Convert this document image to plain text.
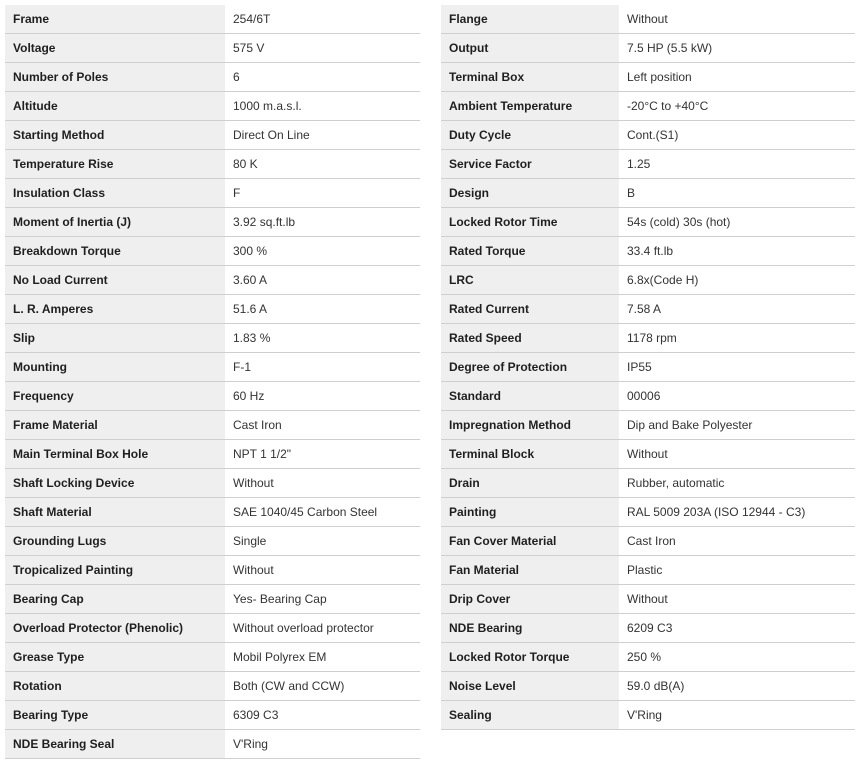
Frame	254/6T
Voltage	575 V
Number of Poles	6
Altitude	1000 m.a.s.l.
Starting Method	Direct On Line
Temperature Rise	80 K
Insulation Class	F
Moment of Inertia (J)	3.92 sq.ft.lb
Breakdown Torque	300 %
No Load Current	3.60 A
L. R. Amperes	51.6 A
Slip	1.83 %
Mounting	F-1
Frequency	60 Hz
Frame Material	Cast Iron
Main Terminal Box Hole	NPT 1 1/2"
Shaft Locking Device	Without
Shaft Material	SAE 1040/45 Carbon Steel
Grounding Lugs	Single
Tropicalized Painting	Without
Bearing Cap	Yes- Bearing Cap
Overload Protector (Phenolic)	Without overload protector
Grease Type	Mobil Polyrex EM
Rotation	Both (CW and CCW)
Bearing Type	6309 C3
NDE Bearing Seal	V'Ring
Flange	Without
Output	7.5 HP (5.5 kW)
Terminal Box	Left position
Ambient Temperature	-20°C to +40°C
Duty Cycle	Cont.(S1)
Service Factor	1.25
Design	B
Locked Rotor Time	54s (cold) 30s (hot)
Rated Torque	33.4 ft.lb
LRC	6.8x(Code H)
Rated Current	7.58 A
Rated Speed	1178 rpm
Degree of Protection	IP55
Standard	00006
Impregnation Method	Dip and Bake Polyester
Terminal Block	Without
Drain	Rubber, automatic
Painting	RAL 5009 203A (ISO 12944 - C3)
Fan Cover Material	Cast Iron
Fan Material	Plastic
Drip Cover	Without
NDE Bearing	6209 C3
Locked Rotor Torque	250 %
Noise Level	59.0 dB(A)
Sealing	V'Ring
